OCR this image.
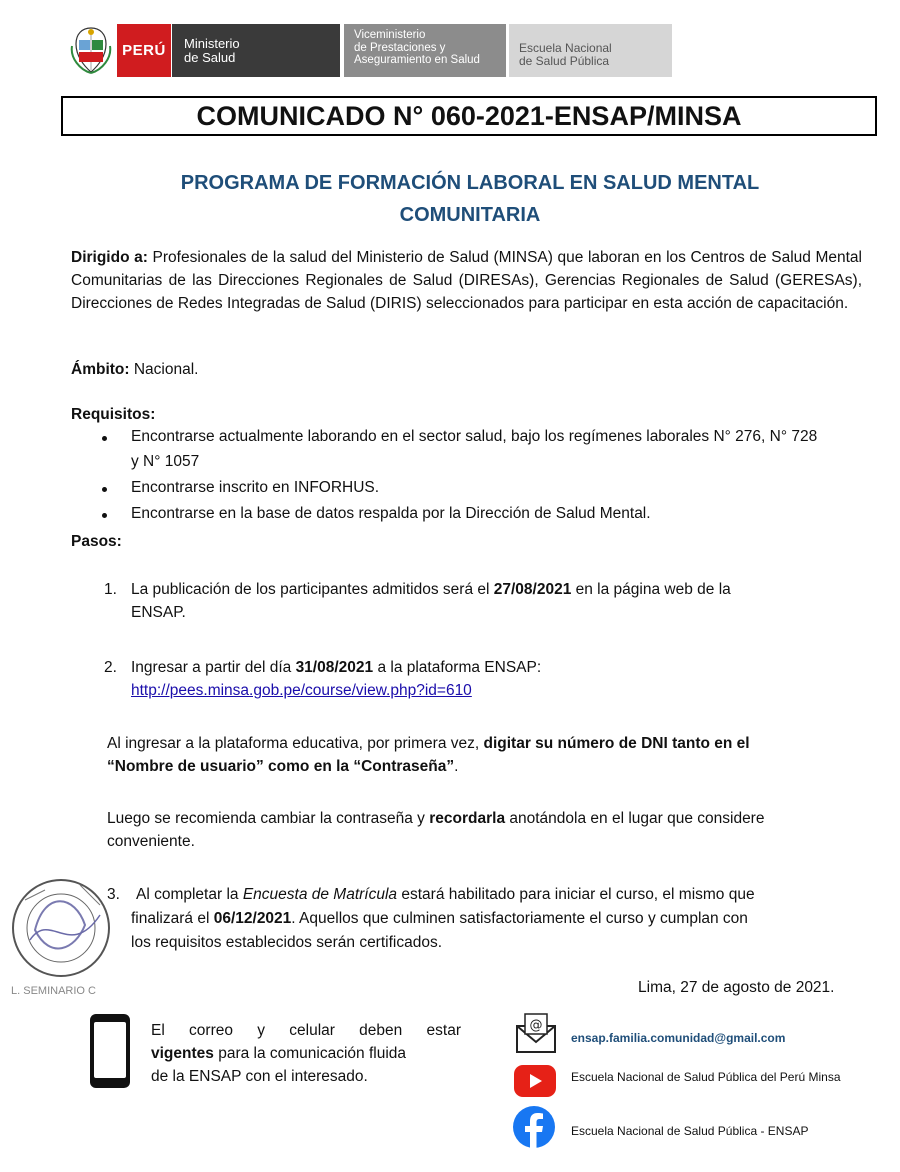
PERÚ	Ministerio
de Salud
Viceministerio
de Prestaciones y
Aseguramiento en Salud
Escuela Nacional
de Salud Pública
COMUNICADO N° 060-2021-ENSAP/MINSA
PROGRAMA DE FORMACIÓN LABORAL EN SALUD MENTAL
COMUNITARIA
Dirigido a: Profesionales de la salud del Ministerio de Salud (MINSA) que laboran en los Centros de Salud Mental Comunitarias de las Direcciones Regionales de Salud (DIRESAs), Gerencias Regionales de Salud (GERESAs), Direcciones de Redes Integradas de Salud (DIRIS) seleccionados para participar en esta acción de capacitación.
Ámbito: Nacional.
Requisitos:
Encontrarse actualmente laborando en el sector salud, bajo los regímenes laborales N° 276, N° 728
y N° 1057
Encontrarse inscrito en INFORHUS.
Encontrarse en la base de datos respalda por la Dirección de Salud Mental.
Pasos:
1. La publicación de los participantes admitidos será el 27/08/2021 en la página web de la
ENSAP.
2. Ingresar a partir del día 31/08/2021 a la plataforma ENSAP:
http://pees.minsa.gob.pe/course/view.php?id=610
Al ingresar a la plataforma educativa, por primera vez, digitar su número de DNI tanto en el
“Nombre de usuario” como en la “Contraseña”.
Luego se recomienda cambiar la contraseña y recordarla anotándola en el lugar que considere
conveniente.
3. Al completar la Encuesta de Matrícula estará habilitado para iniciar el curso, el mismo que
finalizará el 06/12/2021. Aquellos que culminen satisfactoriamente el curso y cumplan con
los requisitos establecidos serán certificados.
L. SEMINARIO C	Lima, 27 de agosto de 2021.
El correo y celular deben estar
vigentes para la comunicación fluida
de la ENSAP con el interesado.
@
ensap.familia.comunidad@gmail.com
Escuela Nacional de Salud Pública del Perú Minsa
Escuela Nacional de Salud Pública - ENSAP
